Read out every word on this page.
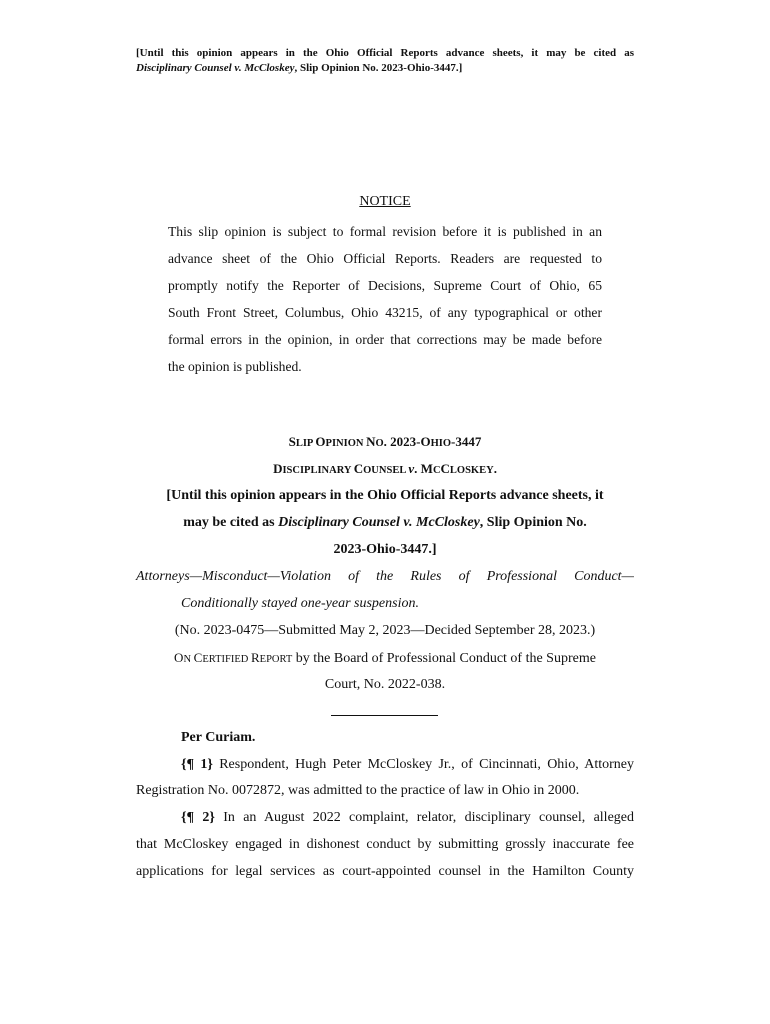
[Until this opinion appears in the Ohio Official Reports advance sheets, it may be cited as
Disciplinary Counsel v. McCloskey, Slip Opinion No. 2023-Ohio-3447.]
NOTICE
This slip opinion is subject to formal revision before it is published in an
advance sheet of the Ohio Official Reports. Readers are requested to
promptly notify the Reporter of Decisions, Supreme Court of Ohio, 65
South Front Street, Columbus, Ohio 43215, of any typographical or other
formal errors in the opinion, in order that corrections may be made before
the opinion is published.
SLIP OPINION NO. 2023-OHIO-3447
DISCIPLINARY COUNSEL v. MCCLOSKEY.
[Until this opinion appears in the Ohio Official Reports advance sheets, it
may be cited as Disciplinary Counsel v. McCloskey, Slip Opinion No.
2023-Ohio-3447.]
Attorneys—Misconduct—Violation of the Rules of Professional Conduct—
Conditionally stayed one-year suspension.
(No. 2023-0475—Submitted May 2, 2023—Decided September 28, 2023.)
ON CERTIFIED REPORT by the Board of Professional Conduct of the Supreme
Court, No. 2022-038.
Per Curiam.
{¶ 1} Respondent, Hugh Peter McCloskey Jr., of Cincinnati, Ohio, Attorney
Registration No. 0072872, was admitted to the practice of law in Ohio in 2000.
{¶ 2} In an August 2022 complaint, relator, disciplinary counsel, alleged
that McCloskey engaged in dishonest conduct by submitting grossly inaccurate fee
applications for legal services as court-appointed counsel in the Hamilton County
